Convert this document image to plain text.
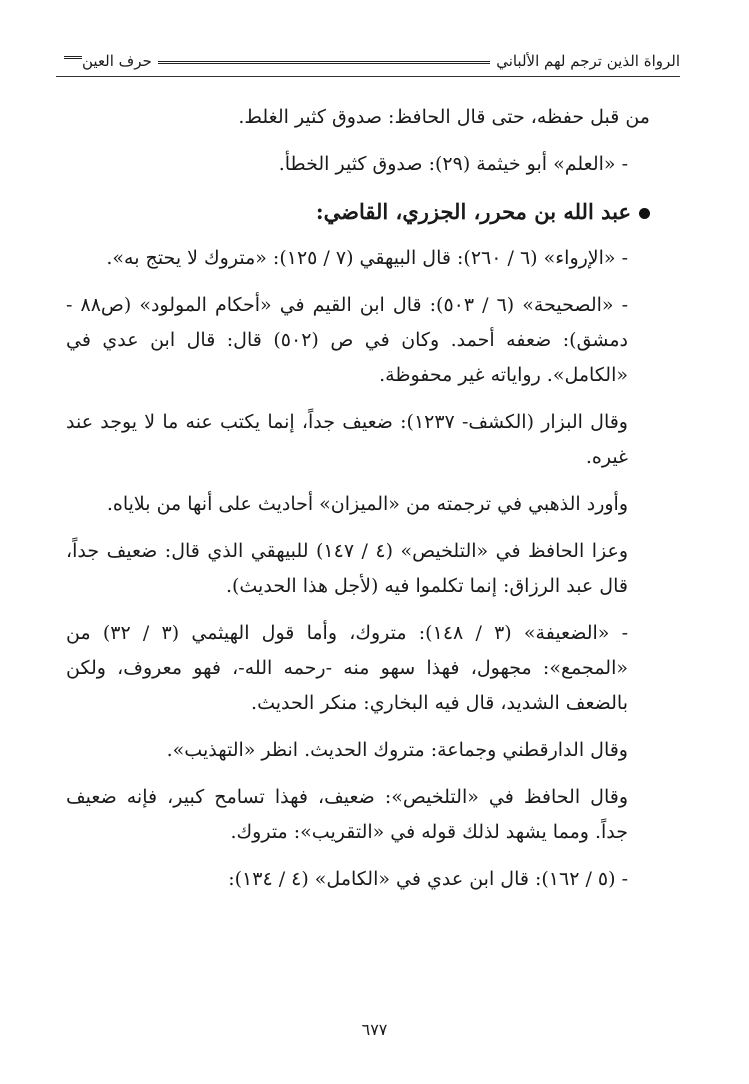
حرف العين	الرواة الذين ترجم لهم الألباني

من قبل حفظه، حتى قال الحافظ: صدوق كثير الغلط.

- «العلم» أبو خيثمة (٢٩): صدوق كثير الخطأ.

عبد الله بن محرر، الجزري، القاضي:

- «الإرواء» (٦ / ٢٦٠): قال البيهقي (٧ / ١٢٥): «متروك لا يحتج به».

- «الصحيحة» (٦ / ٥٠٣): قال ابن القيم في «أحكام المولود» (ص٨٨ - دمشق): ضعفه أحمد. وكان في ص (٥٠٢) قال: قال ابن عدي في «الكامل». رواياته غير محفوظة.

وقال البزار (الكشف- ١٢٣٧): ضعيف جداً، إنما يكتب عنه ما لا يوجد عند غيره.

وأورد الذهبي في ترجمته من «الميزان» أحاديث على أنها من بلاياه.

وعزا الحافظ في «التلخيص» (٤ / ١٤٧) للبيهقي الذي قال: ضعيف جداً، قال عبد الرزاق: إنما تكلموا فيه (لأجل هذا الحديث).

- «الضعيفة» (٣ / ١٤٨): متروك، وأما قول الهيثمي (٣ / ٣٢) من «المجمع»: مجهول، فهذا سهو منه -رحمه الله-، فهو معروف، ولكن بالضعف الشديد، قال فيه البخاري: منكر الحديث.

وقال الدارقطني وجماعة: متروك الحديث. انظر «التهذيب».

وقال الحافظ في «التلخيص»: ضعيف، فهذا تسامح كبير، فإنه ضعيف جداً. ومما يشهد لذلك قوله في «التقريب»: متروك.

- (٥ / ١٦٢): قال ابن عدي في «الكامل» (٤ / ١٣٤):

٦٧٧
